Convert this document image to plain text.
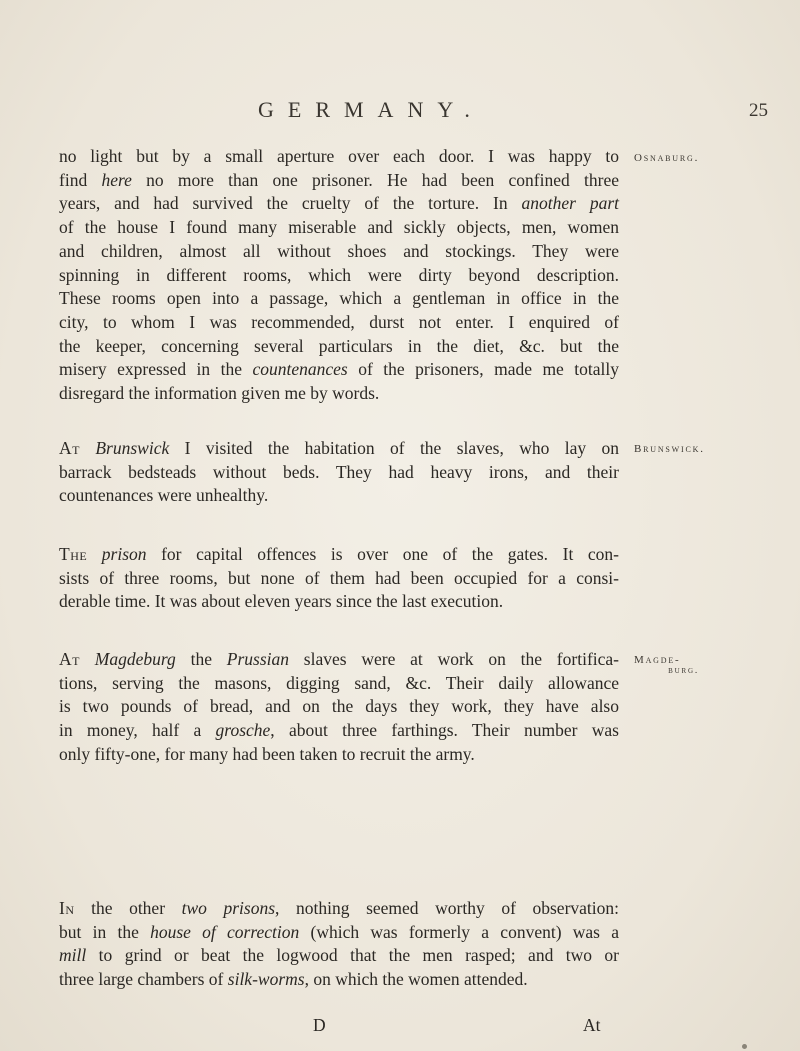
GERMANY.	25

no light but by a small aperture over each door. I was happy to

find here no more than one prisoner. He had been confined three

years, and had survived the cruelty of the torture. In another part

of the house I found many miserable and sickly objects, men, women

and children, almost all without shoes and stockings. They were

spinning in different rooms, which were dirty beyond description.

These rooms open into a passage, which a gentleman in office in the

city, to whom I was recommended, durst not enter. I enquired of

the keeper, concerning several particulars in the diet, &c. but the

misery expressed in the countenances of the prisoners, made me totally

disregard the information given me by words.

Osnaburg.

At Brunswick I visited the habitation of the slaves, who lay on

barrack bedsteads without beds. They had heavy irons, and their

countenances were unhealthy.

Brunswick.

The prison for capital offences is over one of the gates. It con-

sists of three rooms, but none of them had been occupied for a consi-

derable time. It was about eleven years since the last execution.

At Magdeburg the Prussian slaves were at work on the fortifica-

tions, serving the masons, digging sand, &c. Their daily allowance

is two pounds of bread, and on the days they work, they have also

in money, half a grosche, about three farthings. Their number was

only fifty-one, for many had been taken to recruit the army.

Magde-
burg.

In the other two prisons, nothing seemed worthy of observation:

but in the house of correction (which was formerly a convent) was a

mill to grind or beat the logwood that the men rasped; and two or

three large chambers of silk-worms, on which the women attended.

D	At
